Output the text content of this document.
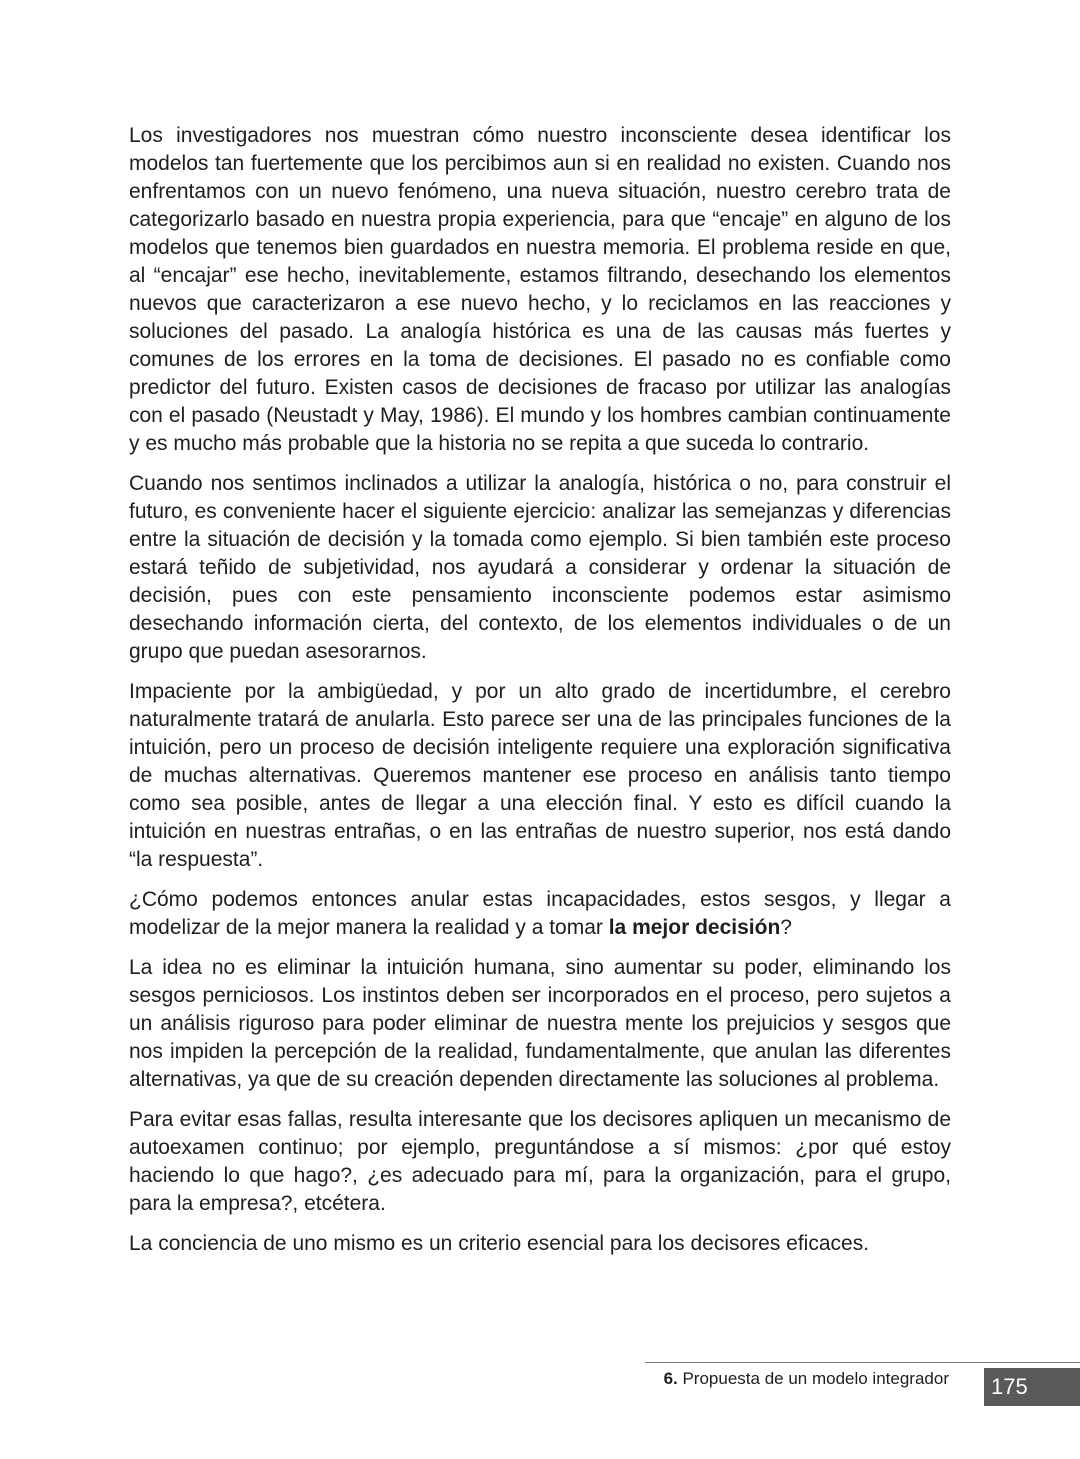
Los investigadores nos muestran cómo nuestro inconsciente desea identificar los modelos tan fuertemente que los percibimos aun si en realidad no existen. Cuando nos enfrentamos con un nuevo fenómeno, una nueva situación, nuestro cerebro trata de categorizarlo basado en nuestra propia experiencia, para que “encaje” en alguno de los modelos que tenemos bien guardados en nuestra memoria. El problema reside en que, al “encajar” ese hecho, inevitablemente, estamos filtrando, desechando los elementos nuevos que caracterizaron a ese nuevo hecho, y lo reciclamos en las reacciones y soluciones del pasado. La analogía histórica es una de las causas más fuertes y comunes de los errores en la toma de decisiones. El pasado no es confiable como predictor del futuro. Existen casos de decisiones de fracaso por utilizar las analogías con el pasado (Neustadt y May, 1986). El mundo y los hombres cambian continuamente y es mucho más probable que la historia no se repita a que suceda lo contrario.

Cuando nos sentimos inclinados a utilizar la analogía, histórica o no, para construir el futuro, es conveniente hacer el siguiente ejercicio: analizar las semejanzas y diferencias entre la situación de decisión y la tomada como ejemplo. Si bien también este proceso estará teñido de subjetividad, nos ayudará a considerar y ordenar la situación de decisión, pues con este pensamiento inconsciente podemos estar asimismo desechando información cierta, del contexto, de los elementos individuales o de un grupo que puedan asesorarnos.

Impaciente por la ambigüedad, y por un alto grado de incertidumbre, el cerebro naturalmente tratará de anularla. Esto parece ser una de las principales funciones de la intuición, pero un proceso de decisión inteligente requiere una exploración significativa de muchas alternativas. Queremos mantener ese proceso en análisis tanto tiempo como sea posible, antes de llegar a una elección final. Y esto es difícil cuando la intuición en nuestras entrañas, o en las entrañas de nuestro superior, nos está dando “la respuesta”.

¿Cómo podemos entonces anular estas incapacidades, estos sesgos, y llegar a modelizar de la mejor manera la realidad y a tomar la mejor decisión?

La idea no es eliminar la intuición humana, sino aumentar su poder, eliminando los sesgos perniciosos. Los instintos deben ser incorporados en el proceso, pero sujetos a un análisis riguroso para poder eliminar de nuestra mente los prejuicios y sesgos que nos impiden la percepción de la realidad, fundamentalmente, que anulan las diferentes alternativas, ya que de su creación dependen directamente las soluciones al problema.

Para evitar esas fallas, resulta interesante que los decisores apliquen un mecanismo de autoexamen continuo; por ejemplo, preguntándose a sí mismos: ¿por qué estoy haciendo lo que hago?, ¿es adecuado para mí, para la organización, para el grupo, para la empresa?, etcétera.

La conciencia de uno mismo es un criterio esencial para los decisores eficaces.

6. Propuesta de un modelo integrador	175
